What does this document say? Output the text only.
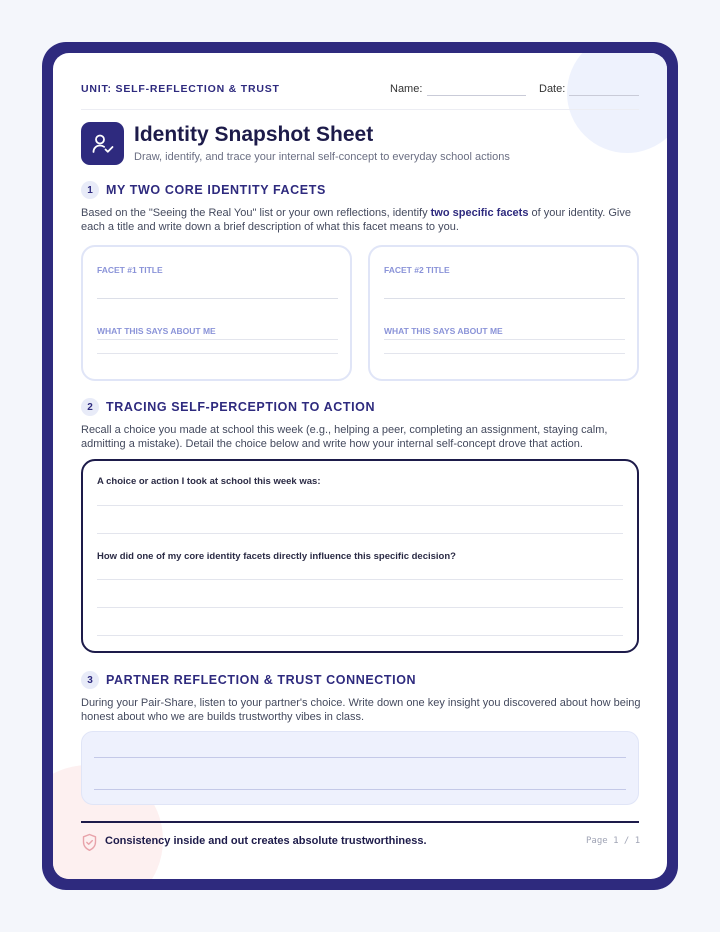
UNIT: SELF-REFLECTION & TRUST	Name:	Date:
Identity Snapshot Sheet
Draw, identify, and trace your internal self-concept to everyday school actions
1	MY TWO CORE IDENTITY FACETS
Based on the "Seeing the Real You" list or your own reflections, identify two specific facets of your identity. Give each a title and write down a brief description of what this facet means to you.
FACET #1 TITLE
WHAT THIS SAYS ABOUT ME
FACET #2 TITLE
WHAT THIS SAYS ABOUT ME
2	TRACING SELF-PERCEPTION TO ACTION
Recall a choice you made at school this week (e.g., helping a peer, completing an assignment, staying calm, admitting a mistake). Detail the choice below and write how your internal self-concept drove that action.
A choice or action I took at school this week was:
How did one of my core identity facets directly influence this specific decision?
3	PARTNER REFLECTION & TRUST CONNECTION
During your Pair-Share, listen to your partner's choice. Write down one key insight you discovered about how being honest about who we are builds trustworthy vibes in class.
Consistency inside and out creates absolute trustworthiness.	Page 1 / 1
